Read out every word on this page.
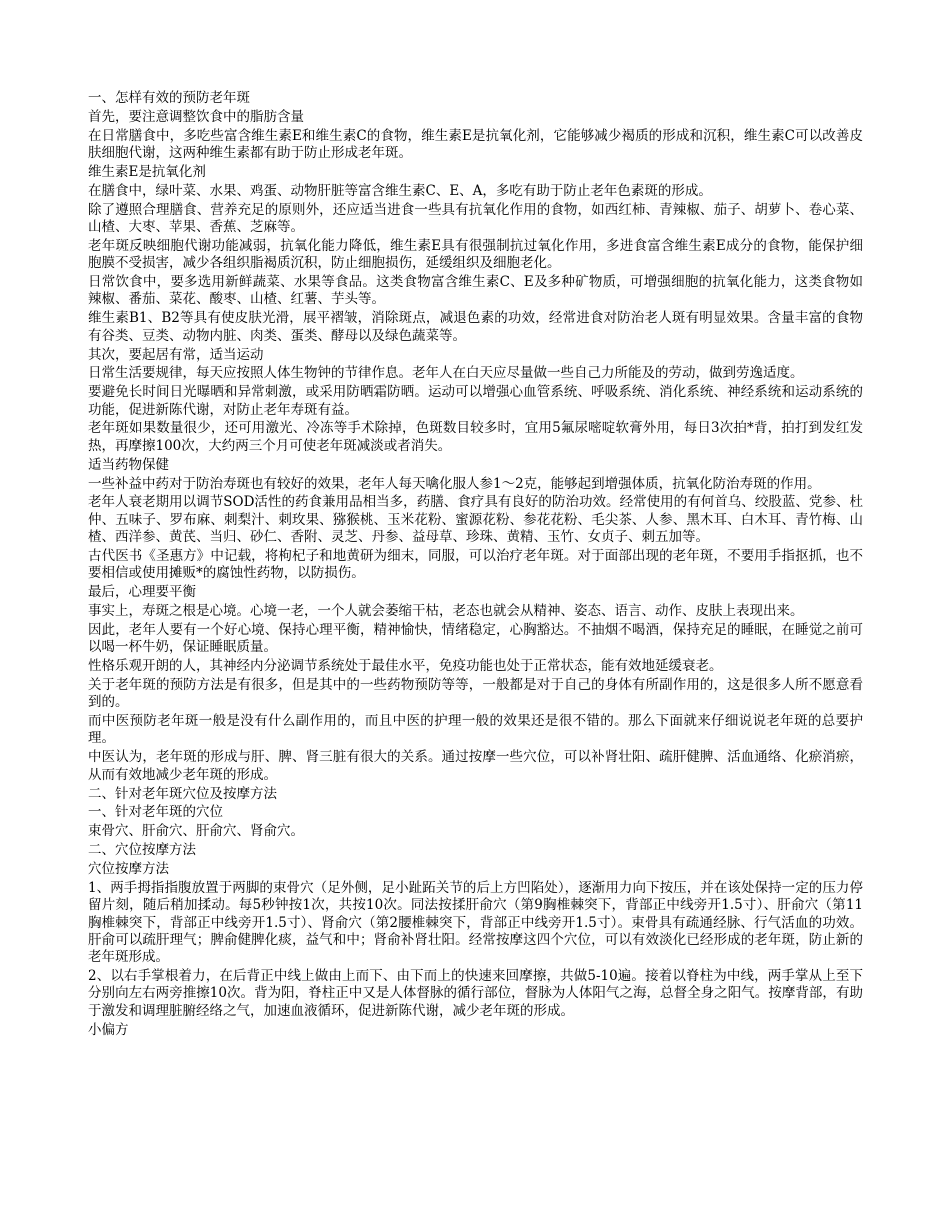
一、怎样有效的预防老年斑

首先，要注意调整饮食中的脂肪含量

在日常膳食中，多吃些富含维生素E和维生素C的食物，维生素E是抗氧化剂，它能够减少褐质的形成和沉积，维生素C可以改善皮肤细胞代谢，这两种维生素都有助于防止形成老年斑。

维生素E是抗氧化剂

在膳食中，绿叶菜、水果、鸡蛋、动物肝脏等富含维生素C、E、A，多吃有助于防止老年色素斑的形成。

除了遵照合理膳食、营养充足的原则外，还应适当进食一些具有抗氧化作用的食物，如西红柿、青辣椒、茄子、胡萝卜、卷心菜、山楂、大枣、苹果、香蕉、芝麻等。

老年斑反映细胞代谢功能减弱，抗氧化能力降低，维生素E具有很强制抗过氧化作用，多进食富含维生素E成分的食物，能保护细胞膜不受损害，减少各组织脂褐质沉积，防止细胞损伤，延缓组织及细胞老化。

日常饮食中，要多选用新鲜蔬菜、水果等食品。这类食物富含维生素C、E及多种矿物质，可增强细胞的抗氧化能力，这类食物如辣椒、番茄、菜花、酸枣、山楂、红薯、芋头等。

维生素B1、B2等具有使皮肤光滑，展平褶皱，消除斑点，减退色素的功效，经常进食对防治老人斑有明显效果。含量丰富的食物有谷类、豆类、动物内脏、肉类、蛋类、酵母以及绿色蔬菜等。

其次，要起居有常，适当运动

日常生活要规律，每天应按照人体生物钟的节律作息。老年人在白天应尽量做一些自己力所能及的劳动，做到劳逸适度。

要避免长时间日光曝晒和异常刺激，或采用防晒霜防晒。运动可以增强心血管系统、呼吸系统、消化系统、神经系统和运动系统的功能，促进新陈代谢，对防止老年寿斑有益。

老年斑如果数量很少，还可用激光、冷冻等手术除掉，色斑数目较多时，宜用5氟尿嘧啶软膏外用，每日3次拍*背，拍打到发红发热，再摩擦100次，大约两三个月可使老年斑减淡或者消失。

适当药物保健

一些补益中药对于防治寿斑也有较好的效果，老年人每天噙化服人参1～2克，能够起到增强体质，抗氧化防治寿斑的作用。

老年人衰老期用以调节SOD活性的药食兼用品相当多，药膳、食疗具有良好的防治功效。经常使用的有何首乌、绞股蓝、党参、杜仲、五味子、罗布麻、刺梨汁、刺玫果、猕猴桃、玉米花粉、蜜源花粉、参花花粉、毛尖茶、人参、黑木耳、白木耳、青竹梅、山楂、西洋参、黄芪、当归、砂仁、香附、灵芝、丹参、益母草、珍珠、黄精、玉竹、女贞子、刺五加等。

古代医书《圣惠方》中记载，将枸杞子和地黄研为细末，同服，可以治疗老年斑。对于面部出现的老年斑，不要用手指抠抓，也不要相信或使用摊贩*的腐蚀性药物，以防损伤。

最后，心理要平衡

事实上，寿斑之根是心境。心境一老，一个人就会萎缩干枯，老态也就会从精神、姿态、语言、动作、皮肤上表现出来。

因此，老年人要有一个好心境、保持心理平衡，精神愉快，情绪稳定，心胸豁达。不抽烟不喝酒，保持充足的睡眠，在睡觉之前可以喝一杯牛奶，保证睡眠质量。

性格乐观开朗的人，其神经内分泌调节系统处于最佳水平，免疫功能也处于正常状态，能有效地延缓衰老。

关于老年斑的预防方法是有很多，但是其中的一些药物预防等等，一般都是对于自己的身体有所副作用的，这是很多人所不愿意看到的。

而中医预防老年斑一般是没有什么副作用的，而且中医的护理一般的效果还是很不错的。那么下面就来仔细说说老年斑的总要护理。

中医认为，老年斑的形成与肝、脾、肾三脏有很大的关系。通过按摩一些穴位，可以补肾壮阳、疏肝健脾、活血通络、化瘀消瘀，从而有效地减少老年斑的形成。

二、针对老年斑穴位及按摩方法

一、针对老年斑的穴位

束骨穴、肝俞穴、肝俞穴、肾俞穴。

二、穴位按摩方法

穴位按摩方法

1、两手拇指指腹放置于两脚的束骨穴（足外侧，足小趾跖关节的后上方凹陷处），逐渐用力向下按压，并在该处保持一定的压力停留片刻，随后稍加揉动。每5秒钟按1次，共按10次。同法按揉肝俞穴（第9胸椎棘突下，背部正中线旁开1.5寸）、肝俞穴（第11胸椎棘突下，背部正中线旁开1.5寸）、肾俞穴（第2腰椎棘突下，背部正中线旁开1.5寸）。束骨具有疏通经脉、行气活血的功效。肝俞可以疏肝理气；脾俞健脾化痰，益气和中；肾俞补肾壮阳。经常按摩这四个穴位，可以有效淡化已经形成的老年斑，防止新的老年斑形成。

2、以右手掌根着力，在后背正中线上做由上而下、由下而上的快速来回摩擦，共做5-10遍。接着以脊柱为中线，两手掌从上至下分别向左右两旁推擦10次。背为阳，脊柱正中又是人体督脉的循行部位，督脉为人体阳气之海，总督全身之阳气。按摩背部，有助于激发和调理脏腑经络之气，加速血液循环，促进新陈代谢，减少老年斑的形成。

小偏方
